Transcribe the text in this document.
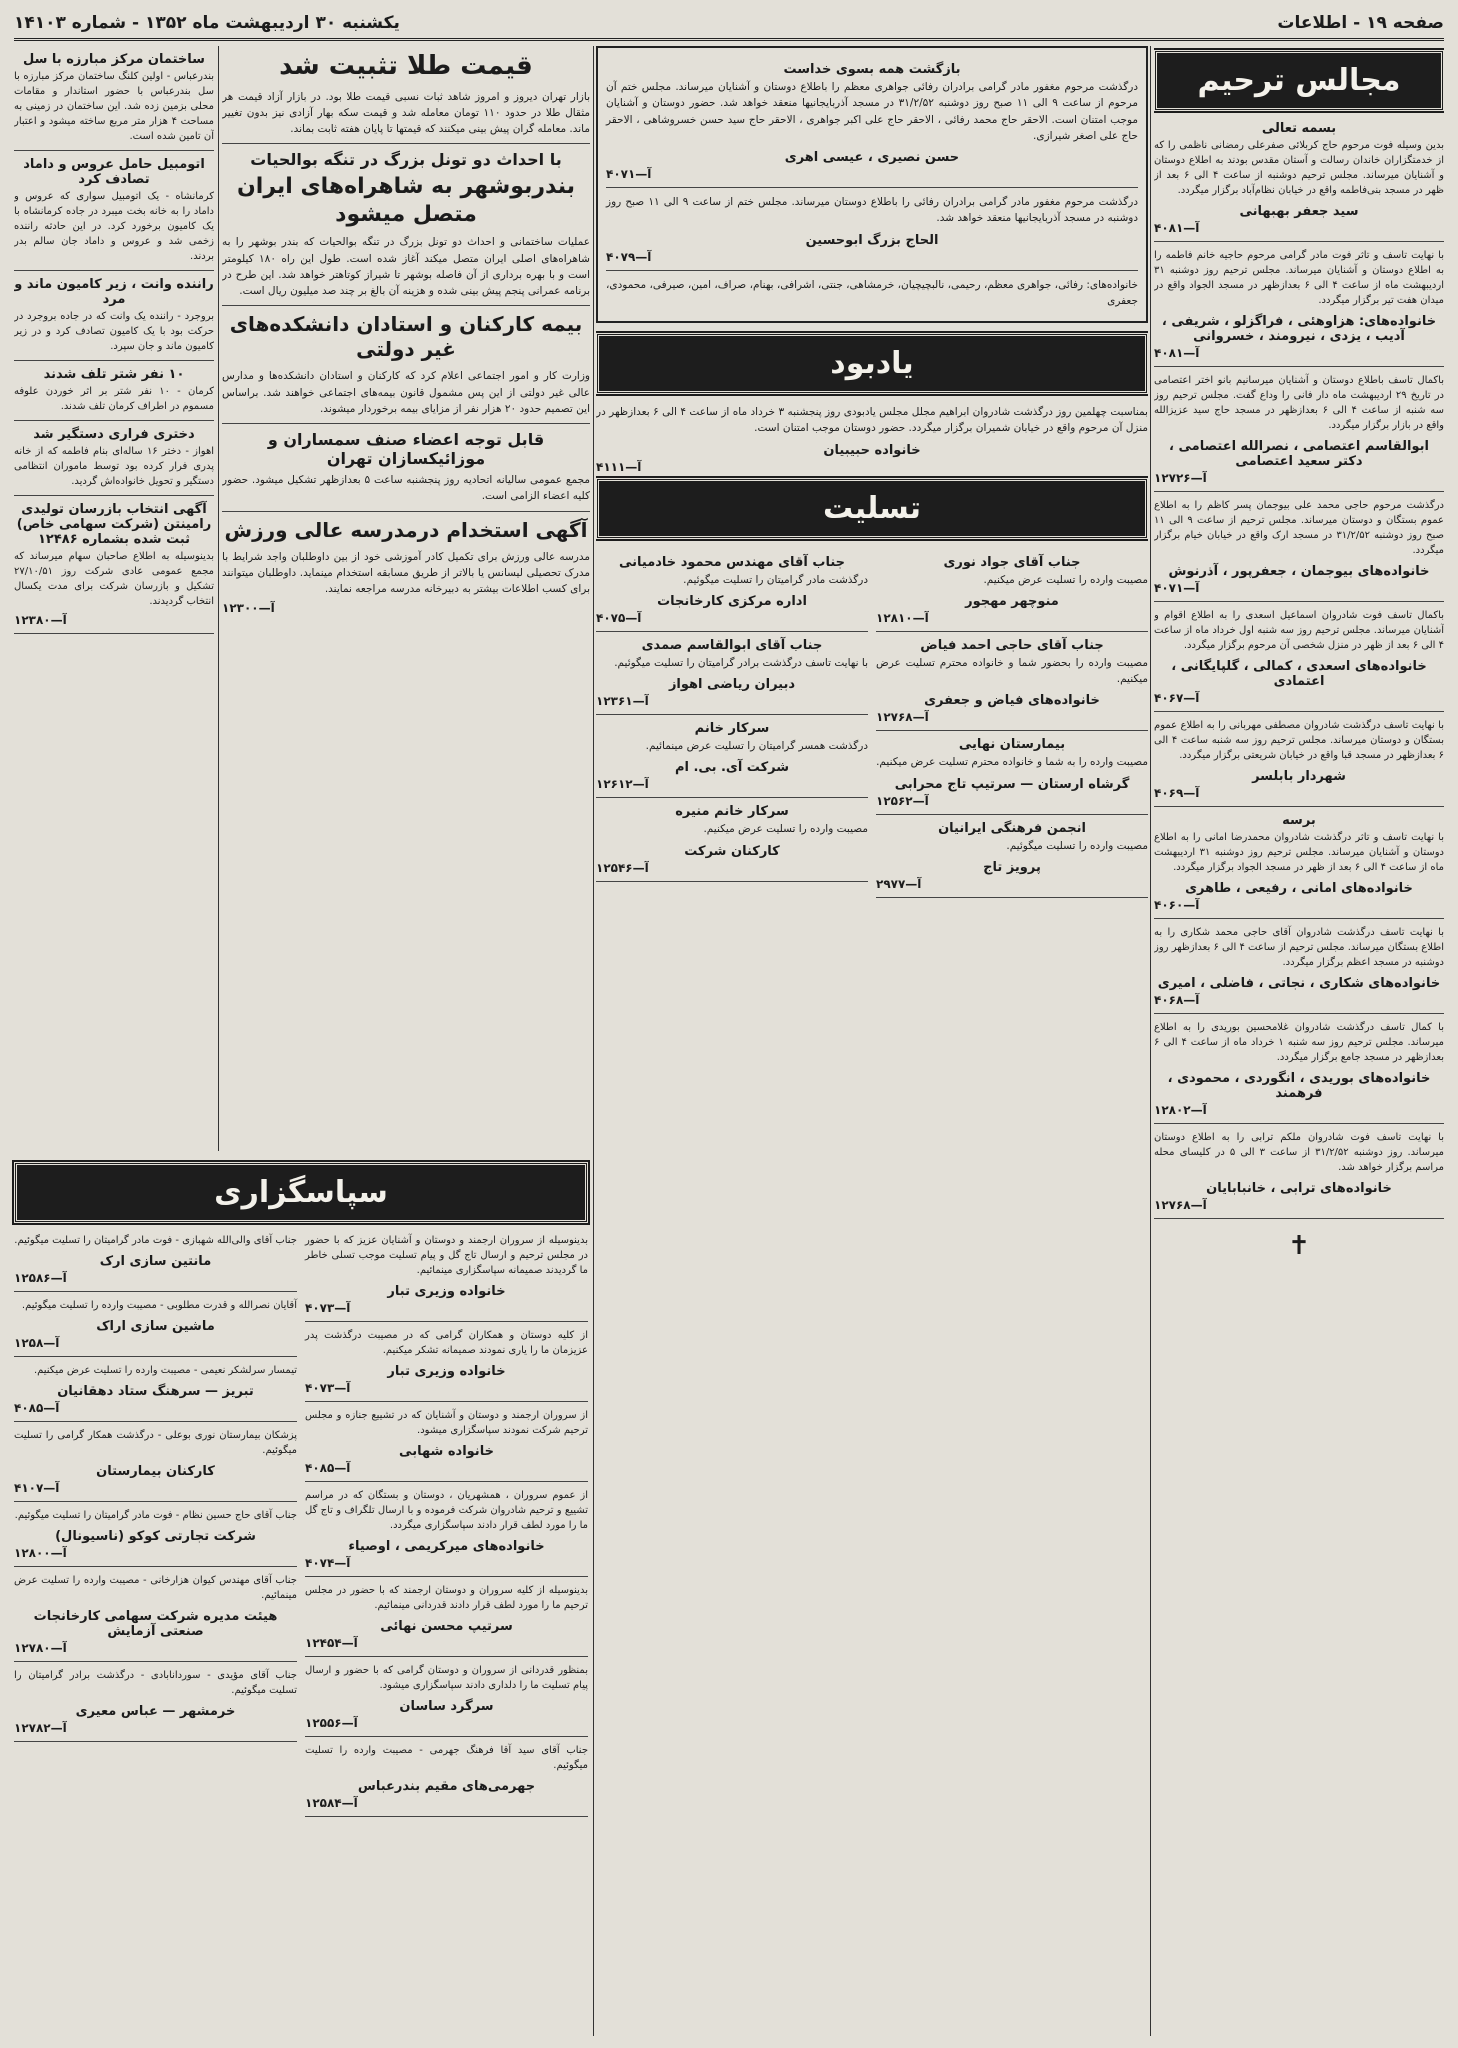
صفحه ۱۹ - اطلاعات
یکشنبه ۳۰ اردیبهشت ماه ۱۳۵۲ - شماره ۱۴۱۰۳
مجالس ترحیم
بسمه تعالی

بدین وسیله فوت مرحوم حاج کربلائی صفرعلی رمضانی ناظمی را که از خدمتگزاران خاندان رسالت و آستان مقدس بودند به اطلاع دوستان و آشنایان میرساند. مجلس ترحیم دوشنبه از ساعت ۴ الی ۶ بعد از ظهر در مسجد بنی‌فاطمه واقع در خیابان نظام‌آباد برگزار میگردد.

سید جعفر بهبهانی
۴۰۸۱—آ

با نهایت تاسف و تاثر فوت مادر گرامی مرحوم حاجیه خانم فاطمه را به اطلاع دوستان و آشنایان میرساند. مجلس ترحیم روز دوشنبه ۳۱ اردیبهشت ماه از ساعت ۴ الی ۶ بعدازظهر در مسجد الجواد واقع در میدان هفت تیر برگزار میگردد.

خانواده‌های: هزاوهئی ، فراگزلو ، شریفی ، آدیب ، یزدی ، نیرومند ، خسروانی
۴۰۸۱—آ

باکمال تاسف باطلاع دوستان و آشنایان میرسانیم بانو اختر اعتصامی در تاریخ ۲۹ اردیبهشت ماه دار فانی را وداع گفت. مجلس ترحیم روز سه شنبه از ساعت ۴ الی ۶ بعدازظهر در مسجد حاج سید عزیزالله واقع در بازار برگزار میگردد.

ابوالقاسم اعتصامی ، نصرالله اعتصامی ، دکتر سعید اعتصامی
۱۲۷۲۶—آ

درگذشت مرحوم حاجی محمد علی بیوجمان پسر کاظم را به اطلاع عموم بستگان و دوستان میرساند. مجلس ترحیم از ساعت ۹ الی ۱۱ صبح روز دوشنبه ۳۱/۲/۵۲ در مسجد ارک واقع در خیابان خیام برگزار میگردد.

خانواده‌های بیوجمان ، جعفرپور ، آذرنوش
۴۰۷۱—آ

باکمال تاسف فوت شادروان اسماعیل اسعدی را به اطلاع اقوام و آشنایان میرساند. مجلس ترحیم روز سه شنبه اول خرداد ماه از ساعت ۴ الی ۶ بعد از ظهر در منزل شخصی آن مرحوم برگزار میگردد.

خانواده‌های اسعدی ، کمالی ، گلپایگانی ، اعتمادی
۴۰۶۷—آ

با نهایت تاسف درگذشت شادروان مصطفی مهربانی را به اطلاع عموم بستگان و دوستان میرساند. مجلس ترحیم روز سه شنبه ساعت ۴ الی ۶ بعدازظهر در مسجد قبا واقع در خیابان شریعتی برگزار میگردد.

شهردار بابلسر
۴۰۶۹—آ
برسه

با نهایت تاسف و تاثر درگذشت شادروان محمدرضا امانی را به اطلاع دوستان و آشنایان میرساند. مجلس ترحیم روز دوشنبه ۳۱ اردیبهشت ماه از ساعت ۴ الی ۶ بعد از ظهر در مسجد الجواد برگزار میگردد.

خانواده‌های امانی ، رفیعی ، طاهری
۴۰۶۰—آ

با نهایت تاسف درگذشت شادروان آقای حاجی محمد شکاری را به اطلاع بستگان میرساند. مجلس ترحیم از ساعت ۴ الی ۶ بعدازظهر روز دوشنبه در مسجد اعظم برگزار میگردد.

خانواده‌های شکاری ، نجاتی ، فاضلی ، امیری
۴۰۶۸—آ

با کمال تاسف درگذشت شادروان غلامحسین بوریدی را به اطلاع میرساند. مجلس ترحیم روز سه شنبه ۱ خرداد ماه از ساعت ۴ الی ۶ بعدازظهر در مسجد جامع برگزار میگردد.

خانواده‌های بوریدی ، انگوردی ، محمودی ، فرهمند
۱۲۸۰۲—آ

با نهایت تاسف فوت شادروان ملکم ترابی را به اطلاع دوستان میرساند. روز دوشنبه ۳۱/۲/۵۲ از ساعت ۳ الی ۵ در کلیسای محله مراسم برگزار خواهد شد.

خانواده‌های ترابی ، خانبابایان
۱۲۷۶۸—آ
✝
بازگشت همه بسوی خداست

درگذشت مرحوم مغفور مادر گرامی برادران رفائی جواهری معظم را باطلاع دوستان و آشنایان میرساند. مجلس ختم آن مرحوم از ساعت ۹ الی ۱۱ صبح روز دوشنبه ۳۱/۲/۵۲ در مسجد آذربایجانیها منعقد خواهد شد. حضور دوستان و آشنایان موجب امتنان است. الاحقر حاج محمد رفائی ، الاحقر حاج علی اکبر جواهری ، الاحقر حاج سید حسن خسروشاهی ، الاحقر حاج علی اصغر شیرازی.

حسن نصیری ، عیسی اهری
۴۰۷۱—آ

درگذشت مرحوم مغفور مادر گرامی برادران رفائی را باطلاع دوستان میرساند. مجلس ختم از ساعت ۹ الی ۱۱ صبح روز دوشنبه در مسجد آذربایجانیها منعقد خواهد شد.

الحاج بزرگ ابوحسین
۴۰۷۹—آ

خانواده‌های: رفائی، جواهری معظم، رحیمی، نالبچیچیان، خرمشاهی، جنتی، اشرافی، بهنام، صراف، امین، صیرفی، محمودی، جعفری

یادبود

بمناسبت چهلمین روز درگذشت شادروان ابراهیم مجلل مجلس یادبودی روز پنجشنبه ۳ خرداد ماه از ساعت ۴ الی ۶ بعدازظهر در منزل آن مرحوم واقع در خیابان شمیران برگزار میگردد. حضور دوستان موجب امتنان است.

خانواده حبیبیان
۴۱۱۱—آ
تسلیت
جناب آقای جواد نوری

مصیبت وارده را تسلیت عرض میکنیم.

منوچهر مهجور
۱۲۸۱۰—آ
جناب آقای حاجی احمد فیاض

مصیبت وارده را بحضور شما و خانواده محترم تسلیت عرض میکنیم.

خانواده‌های فیاض و جعفری
۱۲۷۶۸—آ
بیمارستان نهایی

مصیبت وارده را به شما و خانواده محترم تسلیت عرض میکنیم.

گرشاه ارستان — سرتیپ تاج محرابی
۱۲۵۶۲—آ
انجمن فرهنگی ایرانیان

مصیبت وارده را تسلیت میگوئیم.

پرویز تاج
۲۹۷۷—آ
جناب آقای مهندس محمود خادمیانی

درگذشت مادر گرامیتان را تسلیت میگوئیم.

اداره مرکزی کارخانجات
۴۰۷۵—آ
جناب آقای ابوالقاسم صمدی

با نهایت تاسف درگذشت برادر گرامیتان را تسلیت میگوئیم.

دبیران ریاضی اهواز
۱۲۳۶۱—آ
سرکار خانم

درگذشت همسر گرامیتان را تسلیت عرض مینمائیم.

شرکت آی. بی. ام
۱۲۶۱۲—آ
سرکار خانم منیره

مصیبت وارده را تسلیت عرض میکنیم.

کارکنان شرکت
۱۲۵۴۶—آ
قیمت طلا تثبیت شد

بازار تهران دیروز و امروز شاهد ثبات نسبی قیمت طلا بود. در بازار آزاد قیمت هر مثقال طلا در حدود ۱۱۰ تومان معامله شد و قیمت سکه بهار آزادی نیز بدون تغییر ماند. معامله گران پیش بینی میکنند که قیمتها تا پایان هفته ثابت بماند.

با احداث دو تونل بزرگ در تنگه بوالحیات
بندربوشهر به شاهراه‌های ایران متصل میشود

عملیات ساختمانی و احداث دو تونل بزرگ در تنگه بوالحیات که بندر بوشهر را به شاهراه‌های اصلی ایران متصل میکند آغاز شده است. طول این راه ۱۸۰ کیلومتر است و با بهره برداری از آن فاصله بوشهر تا شیراز کوتاهتر خواهد شد. این طرح در برنامه عمرانی پنجم پیش بینی شده و هزینه آن بالغ بر چند صد میلیون ریال است.

بیمه کارکنان و استادان دانشکده‌های غیر دولتی

وزارت کار و امور اجتماعی اعلام کرد که کارکنان و استادان دانشکده‌ها و مدارس عالی غیر دولتی از این پس مشمول قانون بیمه‌های اجتماعی خواهند شد. براساس این تصمیم حدود ۲۰ هزار نفر از مزایای بیمه برخوردار میشوند.

قابل توجه اعضاء صنف سمساران و موزائیکسازان تهران

مجمع عمومی سالیانه اتحادیه روز پنجشنبه ساعت ۵ بعدازظهر تشکیل میشود. حضور کلیه اعضاء الزامی است.

آگهی استخدام درمدرسه عالی ورزش

مدرسه عالی ورزش برای تکمیل کادر آموزشی خود از بین داوطلبان واجد شرایط با مدرک تحصیلی لیسانس یا بالاتر از طریق مسابقه استخدام مینماید. داوطلبان میتوانند برای کسب اطلاعات بیشتر به دبیرخانه مدرسه مراجعه نمایند.

۱۲۳۰۰—آ
ساختمان مرکز مبارزه با سل

بندرعباس - اولین کلنگ ساختمان مرکز مبارزه با سل بندرعباس با حضور استاندار و مقامات محلی بزمین زده شد. این ساختمان در زمینی به مساحت ۴ هزار متر مربع ساخته میشود و اعتبار آن تامین شده است.

اتومبیل حامل عروس و داماد تصادف کرد

کرمانشاه - یک اتومبیل سواری که عروس و داماد را به خانه بخت میبرد در جاده کرمانشاه با یک کامیون برخورد کرد. در این حادثه راننده زخمی شد و عروس و داماد جان سالم بدر بردند.

راننده وانت ، زیر کامیون ماند و مرد

بروجرد - راننده یک وانت که در جاده بروجرد در حرکت بود با یک کامیون تصادف کرد و در زیر کامیون ماند و جان سپرد.

۱۰ نفر شتر تلف شدند

کرمان - ۱۰ نفر شتر بر اثر خوردن علوفه مسموم در اطراف کرمان تلف شدند.

دختری فراری دستگیر شد

اهواز - دختر ۱۶ ساله‌ای بنام فاطمه که از خانه پدری فرار کرده بود توسط ماموران انتظامی دستگیر و تحویل خانواده‌اش گردید.

آگهی انتخاب بازرسان تولیدی رامینتن (شرکت سهامی خاص) ثبت شده بشماره ۱۲۴۸۶

بدینوسیله به اطلاع صاحبان سهام میرساند که مجمع عمومی عادی شرکت روز ۲۷/۱۰/۵۱ تشکیل و بازرسان شرکت برای مدت یکسال انتخاب گردیدند.

۱۲۳۸۰—آ
سپاسگزاری

بدینوسیله از سروران ارجمند و دوستان و آشنایان عزیز که با حضور در مجلس ترحیم و ارسال تاج گل و پیام تسلیت موجب تسلی خاطر ما گردیدند صمیمانه سپاسگزاری مینمائیم.

خانواده وزیری تبار
۴۰۷۳—آ

از کلیه دوستان و همکاران گرامی که در مصیبت درگذشت پدر عزیزمان ما را یاری نمودند صمیمانه تشکر میکنیم.

خانواده وزیری تبار
۴۰۷۳—آ

از سروران ارجمند و دوستان و آشنایان که در تشییع جنازه و مجلس ترحیم شرکت نمودند سپاسگزاری میشود.

خانواده شهابی
۴۰۸۵—آ

از عموم سروران ، همشهریان ، دوستان و بستگان که در مراسم تشییع و ترحیم شادروان شرکت فرموده و با ارسال تلگراف و تاج گل ما را مورد لطف قرار دادند سپاسگزاری میگردد.

خانواده‌های میرکریمی ، اوصیاء
۴۰۷۴—آ

بدینوسیله از کلیه سروران و دوستان ارجمند که با حضور در مجلس ترحیم ما را مورد لطف قرار دادند قدردانی مینمائیم.

سرتیپ محسن نهائی
۱۲۴۵۴—آ

بمنظور قدردانی از سروران و دوستان گرامی که با حضور و ارسال پیام تسلیت ما را دلداری دادند سپاسگزاری میشود.

سرگرد ساسان
۱۲۵۵۶—آ

جناب آقای سید آقا فرهنگ جهرمی - مصیبت وارده را تسلیت میگوئیم.

جهرمی‌های مقیم بندرعباس
۱۲۵۸۴—آ

جناب آقای والی‌الله شهبازی - فوت مادر گرامیتان را تسلیت میگوئیم.

مانتین سازی ارک
۱۲۵۸۶—آ

آقایان نصرالله و قدرت مطلوبی - مصیبت وارده را تسلیت میگوئیم.

ماشین سازی اراک
۱۲۵۸—آ

تیمسار سرلشکر نعیمی - مصیبت وارده را تسلیت عرض میکنیم.

تبریز — سرهنگ ستاد دهقانیان
۴۰۸۵—آ

پزشکان بیمارستان نوری بوعلی - درگذشت همکار گرامی را تسلیت میگوئیم.

کارکنان بیمارستان
۴۱۰۷—آ

جناب آقای حاج حسین نظام - فوت مادر گرامیتان را تسلیت میگوئیم.

شرکت تجارتی کوکو (ناسیونال)
۱۲۸۰۰—آ

جناب آقای مهندس کیوان هزارخانی - مصیبت وارده را تسلیت عرض مینمائیم.

هیئت مدیره شرکت سهامی کارخانجات صنعتی آزمایش
۱۲۷۸۰—آ

جناب آقای مؤیدی - سوردانابادی - درگذشت برادر گرامیتان را تسلیت میگوئیم.

خرمشهر — عباس معیری
۱۲۷۸۲—آ
